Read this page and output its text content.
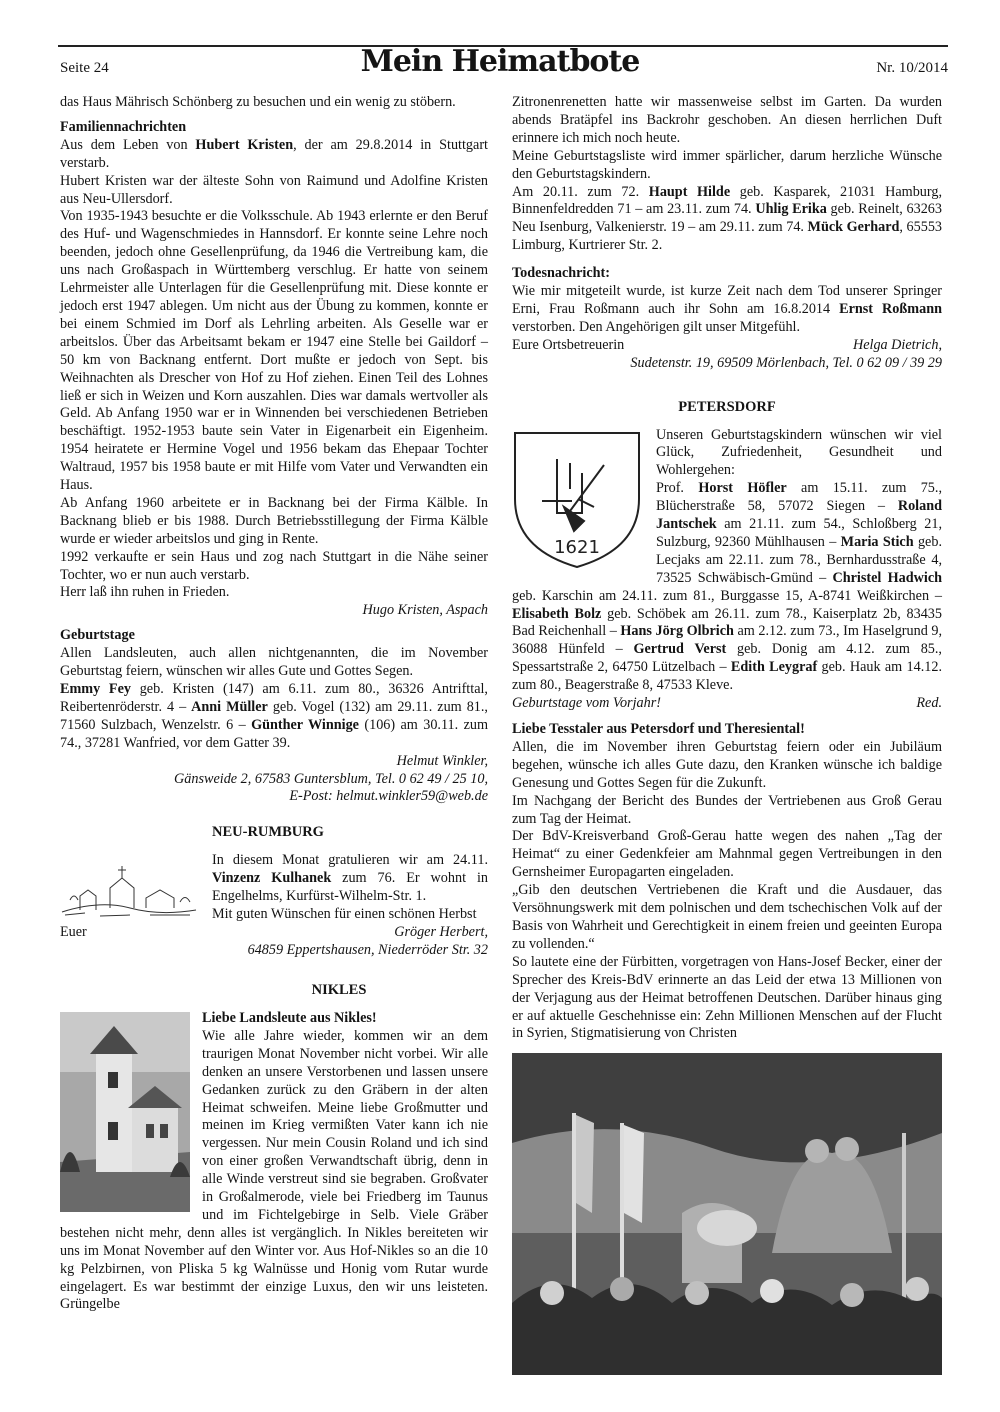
Seite 24	Mein Heimatbote	Nr. 10/2014

das Haus Mährisch Schönberg zu besuchen und ein wenig zu stöbern.

Familiennachrichten

Aus dem Leben von Hubert Kristen, der am 29.8.2014 in Stuttgart verstarb.

Hubert Kristen war der älteste Sohn von Raimund und Adolfine Kristen aus Neu-Ullersdorf.

Von 1935-1943 besuchte er die Volksschule. Ab 1943 erlernte er den Beruf des Huf- und Wagenschmiedes in Hannsdorf. Er konnte seine Lehre noch beenden, jedoch ohne Gesellenprüfung, da 1946 die Vertreibung kam, die uns nach Großaspach in Württemberg verschlug. Er hatte von seinem Lehrmeister alle Unterlagen für die Gesellenprüfung mit. Diese konnte er jedoch erst 1947 ablegen. Um nicht aus der Übung zu kommen, konnte er bei einem Schmied im Dorf als Lehrling arbeiten. Als Geselle war er arbeitslos. Über das Arbeitsamt bekam er 1947 eine Stelle bei Gaildorf – 50 km von Backnang entfernt. Dort mußte er jedoch von Sept. bis Weihnachten als Drescher von Hof zu Hof ziehen. Einen Teil des Lohnes ließ er sich in Weizen und Korn auszahlen. Dies war damals wertvoller als Geld. Ab Anfang 1950 war er in Winnenden bei verschiedenen Betrieben beschäftigt. 1952-1953 baute sein Vater in Eigenarbeit ein Eigenheim. 1954 heiratete er Hermine Vogel und 1956 bekam das Ehepaar Tochter Waltraud, 1957 bis 1958 baute er mit Hilfe vom Vater und Verwandten ein Haus.

Ab Anfang 1960 arbeitete er in Backnang bei der Firma Kälble. In Backnang blieb er bis 1988. Durch Betriebsstillegung der Firma Kälble wurde er wieder arbeitslos und ging in Rente.

1992 verkaufte er sein Haus und zog nach Stuttgart in die Nähe seiner Tochter, wo er nun auch verstarb.

Herr laß ihn ruhen in Frieden.

Hugo Kristen, Aspach

Geburtstage

Allen Landsleuten, auch allen nichtgenannten, die im November Geburtstag feiern, wünschen wir alles Gute und Gottes Segen.

Emmy Fey geb. Kristen (147) am 6.11. zum 80., 36326 Antrifttal, Reibertenröderstr. 4 – Anni Müller geb. Vogel (132) am 29.11. zum 81., 71560 Sulzbach, Wenzelstr. 6 – Günther Winnige (106) am 30.11. zum 74., 37281 Wanfried, vor dem Gatter 39.

Helmut Winkler,

Gänsweide 2, 67583 Guntersblum, Tel. 0 62 49 / 25 10,

E-Post: helmut.winkler59@web.de

NEU-RUMBURG

In diesem Monat gratulieren wir am 24.11. Vinzenz Kulhanek zum 76. Er wohnt in Engelhelms, Kurfürst-Wilhelm-Str. 1.

Mit guten Wünschen für einen schönen Herbst

Euer	Gröger Herbert,

64859 Eppertshausen, Niederröder Str. 32

NIKLES

Liebe Landsleute aus Nikles!

Wie alle Jahre wieder, kommen wir an dem traurigen Monat November nicht vorbei. Wir alle denken an unsere Verstorbenen und lassen unsere Gedanken zurück zu den Gräbern in der alten Heimat schweifen. Meine liebe Großmutter und meinen im Krieg vermißten Vater kann ich nie vergessen. Nur mein Cousin Roland und ich sind von einer großen Verwandtschaft übrig, denn in alle Winde verstreut sind sie begraben. Großvater in Großalmerode, viele bei Friedberg im Taunus und im Fichtelgebirge in Selb. Viele Gräber bestehen nicht mehr, denn alles ist vergänglich. In Nikles bereiteten wir uns im Monat November auf den Winter vor. Aus Hof-Nikles so an die 10 kg Pelzbirnen, von Pliska 5 kg Walnüsse und Honig vom Rutar wurde eingelagert. Es war bestimmt der einzige Luxus, den wir uns leisteten. Grüngelbe

Zitronenrenetten hatte wir massenweise selbst im Garten. Da wurden abends Bratäpfel ins Backrohr geschoben. An diesen herrlichen Duft erinnere ich mich noch heute.

Meine Geburtstagsliste wird immer spärlicher, darum herzliche Wünsche den Geburtstagskindern.

Am 20.11. zum 72. Haupt Hilde geb. Kasparek, 21031 Hamburg, Binnenfeldredden 71 – am 23.11. zum 74. Uhlig Erika geb. Reinelt, 63263 Neu Isenburg, Valkenierstr. 19 – am 29.11. zum 74. Mück Gerhard, 65553 Limburg, Kurtrierer Str. 2.

Todesnachricht:

Wie mir mitgeteilt wurde, ist kurze Zeit nach dem Tod unserer Springer Erni, Frau Roßmann auch ihr Sohn am 16.8.2014 Ernst Roßmann verstorben. Den Angehörigen gilt unser Mitgefühl.

Eure Ortsbetreuerin	Helga Dietrich,

Sudetenstr. 19, 69509 Mörlenbach, Tel. 0 62 09 / 39 29

PETERSDORF
1621

Unseren Geburtstagskindern wünschen wir viel Glück, Zufriedenheit, Gesundheit und Wohlergehen:

Prof. Horst Höfler am 15.11. zum 75., Blücherstraße 58, 57072 Siegen – Roland Jantschek am 21.11. zum 54., Schloßberg 21, Sulzburg, 92360 Mühlhausen – Maria Stich geb. Lecjaks am 22.11. zum 78., Bernhardusstraße 4, 73525 Schwäbisch-Gmünd – Christel Hadwich geb. Karschin am 24.11. zum 81., Burggasse 15, A-8741 Weißkirchen – Elisabeth Bolz geb. Schöbek am 26.11. zum 78., Kaiserplatz 2b, 83435 Bad Reichenhall – Hans Jörg Olbrich am 2.12. zum 73., Im Haselgrund 9, 36088 Hünfeld – Gertrud Verst geb. Donig am 4.12. zum 85., Spessartstraße 2, 64750 Lützelbach – Edith Leygraf geb. Hauk am 14.12. zum 80., Beagerstraße 8, 47533 Kleve.

Geburtstage vom Vorjahr!	Red.
Liebe Tesstaler aus Petersdorf und Theresiental!

Allen, die im November ihren Geburtstag feiern oder ein Jubiläum begehen, wünsche ich alles Gute dazu, den Kranken wünsche ich baldige Genesung und Gottes Segen für die Zukunft.

Im Nachgang der Bericht des Bundes der Vertriebenen aus Groß Gerau zum Tag der Heimat.

Der BdV-Kreisverband Groß-Gerau hatte wegen des nahen „Tag der Heimat“ zu einer Gedenkfeier am Mahnmal gegen Vertreibungen in den Gernsheimer Europagarten eingeladen.

„Gib den deutschen Vertriebenen die Kraft und die Ausdauer, das Versöhnungswerk mit dem polnischen und dem tschechischen Volk auf der Basis von Wahrheit und Gerechtigkeit in einem freien und geeinten Europa zu vollenden.“

So lautete eine der Fürbitten, vorgetragen von Hans-Josef Becker, einer der Sprecher des Kreis-BdV erinnerte an das Leid der etwa 13 Millionen von der Verjagung aus der Heimat betroffenen Deutschen. Darüber hinaus ging er auf aktuelle Geschehnisse ein: Zehn Millionen Menschen auf der Flucht in Syrien, Stigmatisierung von Christen
